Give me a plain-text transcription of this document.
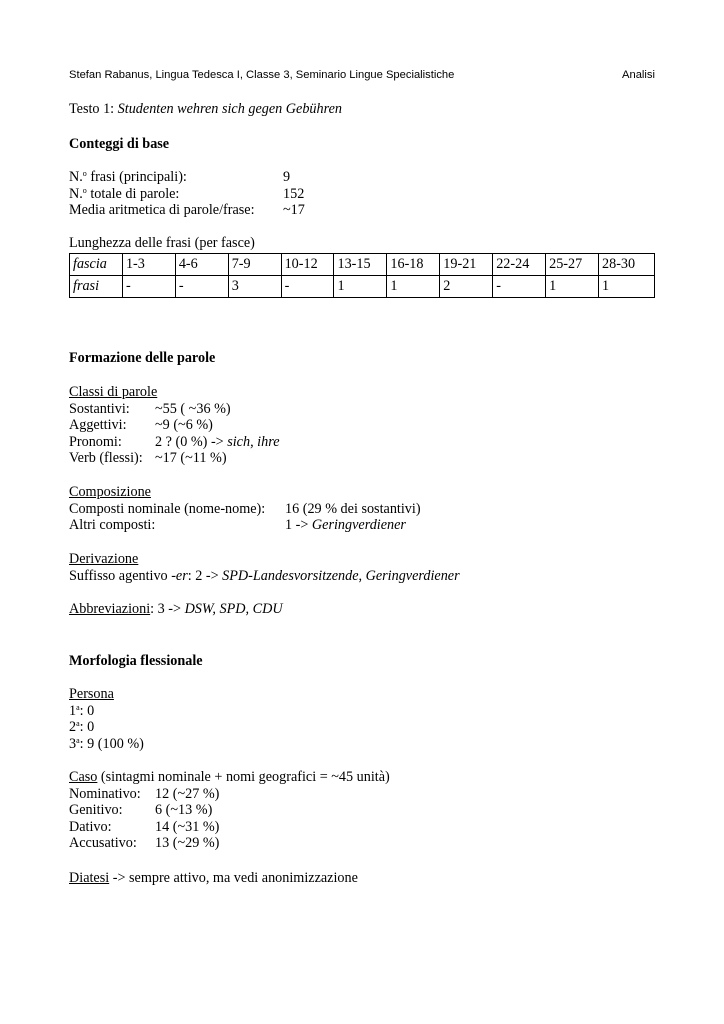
Stefan Rabanus, Lingua Tedesca I, Classe 3, Seminario Lingue Specialistiche	Analisi
Testo 1: Studenten wehren sich gegen Gebühren
Conteggi di base
N.$^o$ frasi (principali):	9
N.$^o$ totale di parole:	152
Media aritmetica di parole/frase: ~17
Lunghezza delle frasi (per fasce)
fascia	1-3	4-6	7-9	10-12	13-15	16-18	19-21	22-24	25-27	28-30
frasi	-	-	3	-	1	1	2	-	1	1
Formazione delle parole
Classi di parole
Sostantivi: ~55 ( ~36 %)
Aggettivi: ~9 (~6 %)
Pronomi: 2 ? (0 %) -> sich, ihre
Verb (flessi): ~17 (~11 %)
Composizione
Composti nominale (nome-nome): 16 (29 % dei sostantivi)
Altri composti:	1 -> Geringverdiener
Derivazione
Suffisso agentivo -er: 2 -> SPD-Landesvorsitzende, Geringverdiener
Abbreviazioni: 3 -> DSW, SPD, CDU
Morfologia flessionale
Persona
1$^a$: 0
2$^a$: 0
3$^a$: 9 (100 %)
Caso (sintagmi nominale + nomi geografici = ~45 unità)
Nominativo: 12 (~27 %)
Genitivo: 6 (~13 %)
Dativo:	14 (~31 %)
Accusativo: 13 (~29 %)
Diatesi -> sempre attivo, ma vedi anonimizzazione
